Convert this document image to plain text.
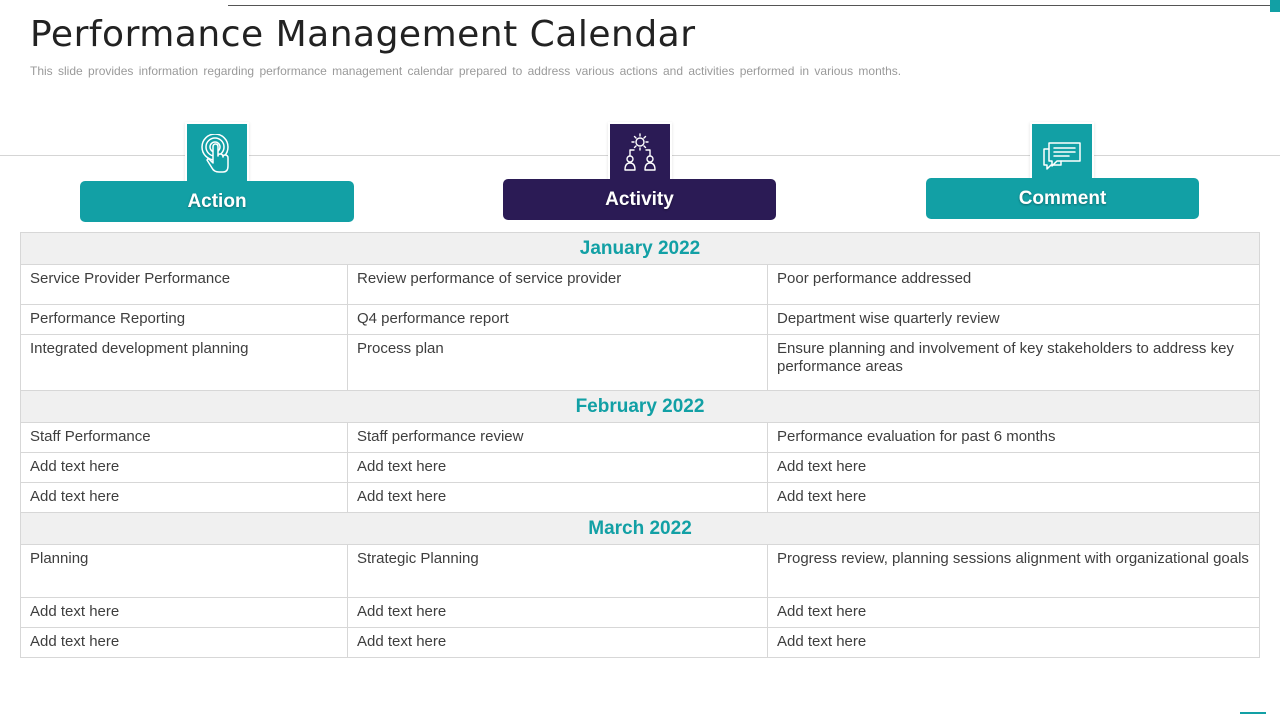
Performance Management Calendar

This slide provides information regarding performance management calendar prepared to address various actions and activities performed in various months.

Action	Activity	Comment
January 2022		
Service Provider Performance	Review performance of service provider	Poor performance addressed
Performance Reporting	Q4 performance report	Department wise quarterly review
Integrated development planning	Process plan	Ensure planning and involvement of key stakeholders to address key performance areas
February 2022		
Staff Performance	Staff performance review	Performance evaluation for past 6 months
Add text here	Add text here	Add text here
Add text here	Add text here	Add text here
March 2022		
Planning	Strategic Planning	Progress review, planning sessions alignment with organizational goals
Add text here	Add text here	Add text here
Add text here	Add text here	Add text here
